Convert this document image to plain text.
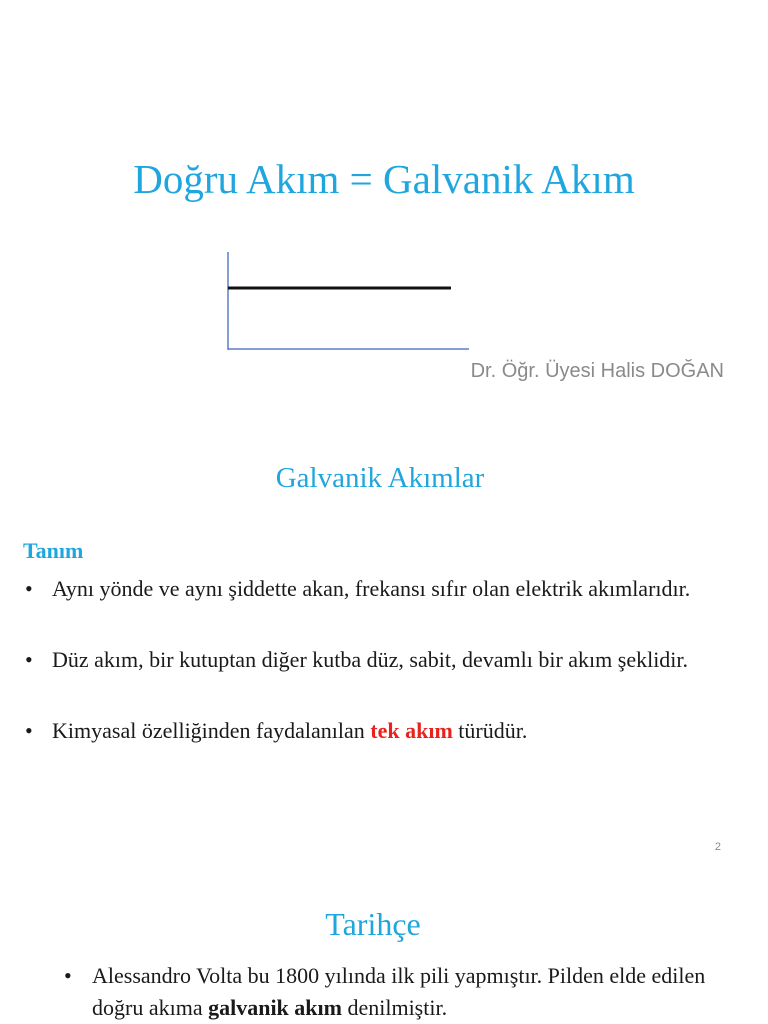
Doğru Akım = Galvanik Akım

Dr. Öğr. Üyesi Halis DOĞAN

Galvanik Akımlar
Tanım
• Aynı yönde ve aynı şiddette akan, frekansı sıfır olan elektrik akımlarıdır.
• Düz akım, bir kutuptan diğer kutba düz, sabit, devamlı bir akım şeklidir.
• Kimyasal özelliğinden faydalanılan tek akım türüdür.

2

Tarihçe
• Alessandro Volta bu 1800 yılında ilk pili yapmıştır. Pilden elde edilen doğru akıma galvanik akım denilmiştir.
